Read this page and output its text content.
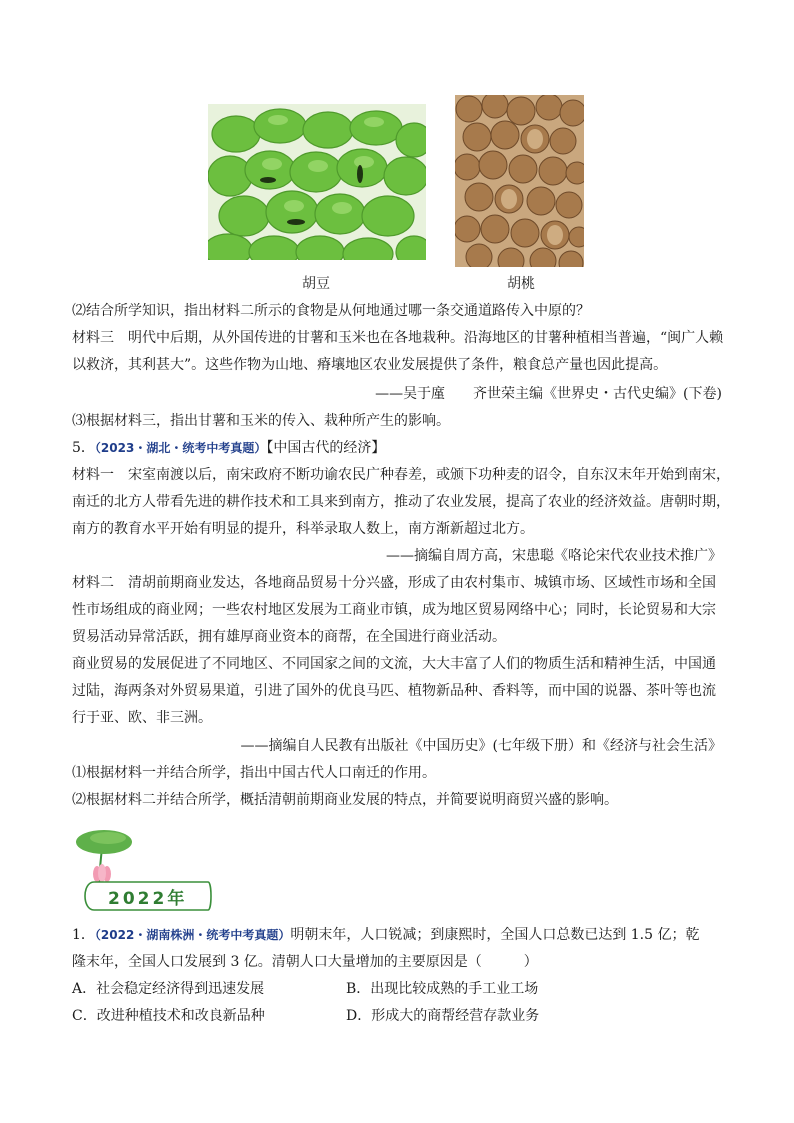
胡豆	胡桃
⑵结合所学知识，指出材料二所示的食物是从何地通过哪一条交通道路传入中原的？
材料三　明代中后期，从外国传进的甘薯和玉米也在各地栽种。沿海地区的甘薯种植相当普遍，“闽广人赖
以救济，其利甚大”。这些作物为山地、瘠壤地区农业发展提供了条件，粮食总产量也因此提高。
——吴于廑　　齐世荣主编《世界史・古代史编》(下卷)
⑶根据材料三，指出甘薯和玉米的传入、栽种所产生的影响。
5．（2023・湖北・统考中考真题）【中国古代的经济】
材料一　宋室南渡以后，南宋政府不断功谕农民广种春差，或颁下功种麦的诏令，自东汉末年开始到南宋，
南迁的北方人带看先进的耕作技术和工具来到南方，推动了农业发展，提高了农业的经济效益。唐朝时期，
南方的教育水平开始有明显的提升，科举录取人数上，南方渐新超过北方。
——摘编自周方高，宋患聪《咯论宋代农业技术推广》
材料二　清胡前期商业发达，各地商品贸易十分兴盛，形成了由农村集市、城镇市场、区域性市场和全国
性市场组成的商业网；一些农村地区发展为工商业市镇，成为地区贸易网络中心；同时，长论贸易和大宗
贸易活动异常活跃，拥有雄厚商业资本的商帮，在全国进行商业活动。
商业贸易的发展促进了不同地区、不同国家之间的文流，大大丰富了人们的物质生活和精神生活，中国通
过陆，海两条对外贸易果道，引进了国外的优良马匹、植物新品种、香料等，而中国的说器、茶叶等也流
行于亚、欧、非三洲。
——摘编自人民教有出版社《中国历史》(七年级下册）和《经济与社会生活》
⑴根据材料一并结合所学，指出中国古代人口南迁的作用。
⑵根据材料二并结合所学，概括清朝前期商业发展的特点，并简要说明商贸兴盛的影响。
2022年
1．（2022・湖南株洲・统考中考真题）明朝末年，人口锐减；到康熙时，全国人口总数已达到 1.5 亿；乾
隆末年，全国人口发展到 3 亿。清朝人口大量增加的主要原因是（　　　）
A．社会稳定经济得到迅速发展	B．出现比较成熟的手工业工场
C．改进种植技术和改良新品种	D．形成大的商帮经营存款业务
